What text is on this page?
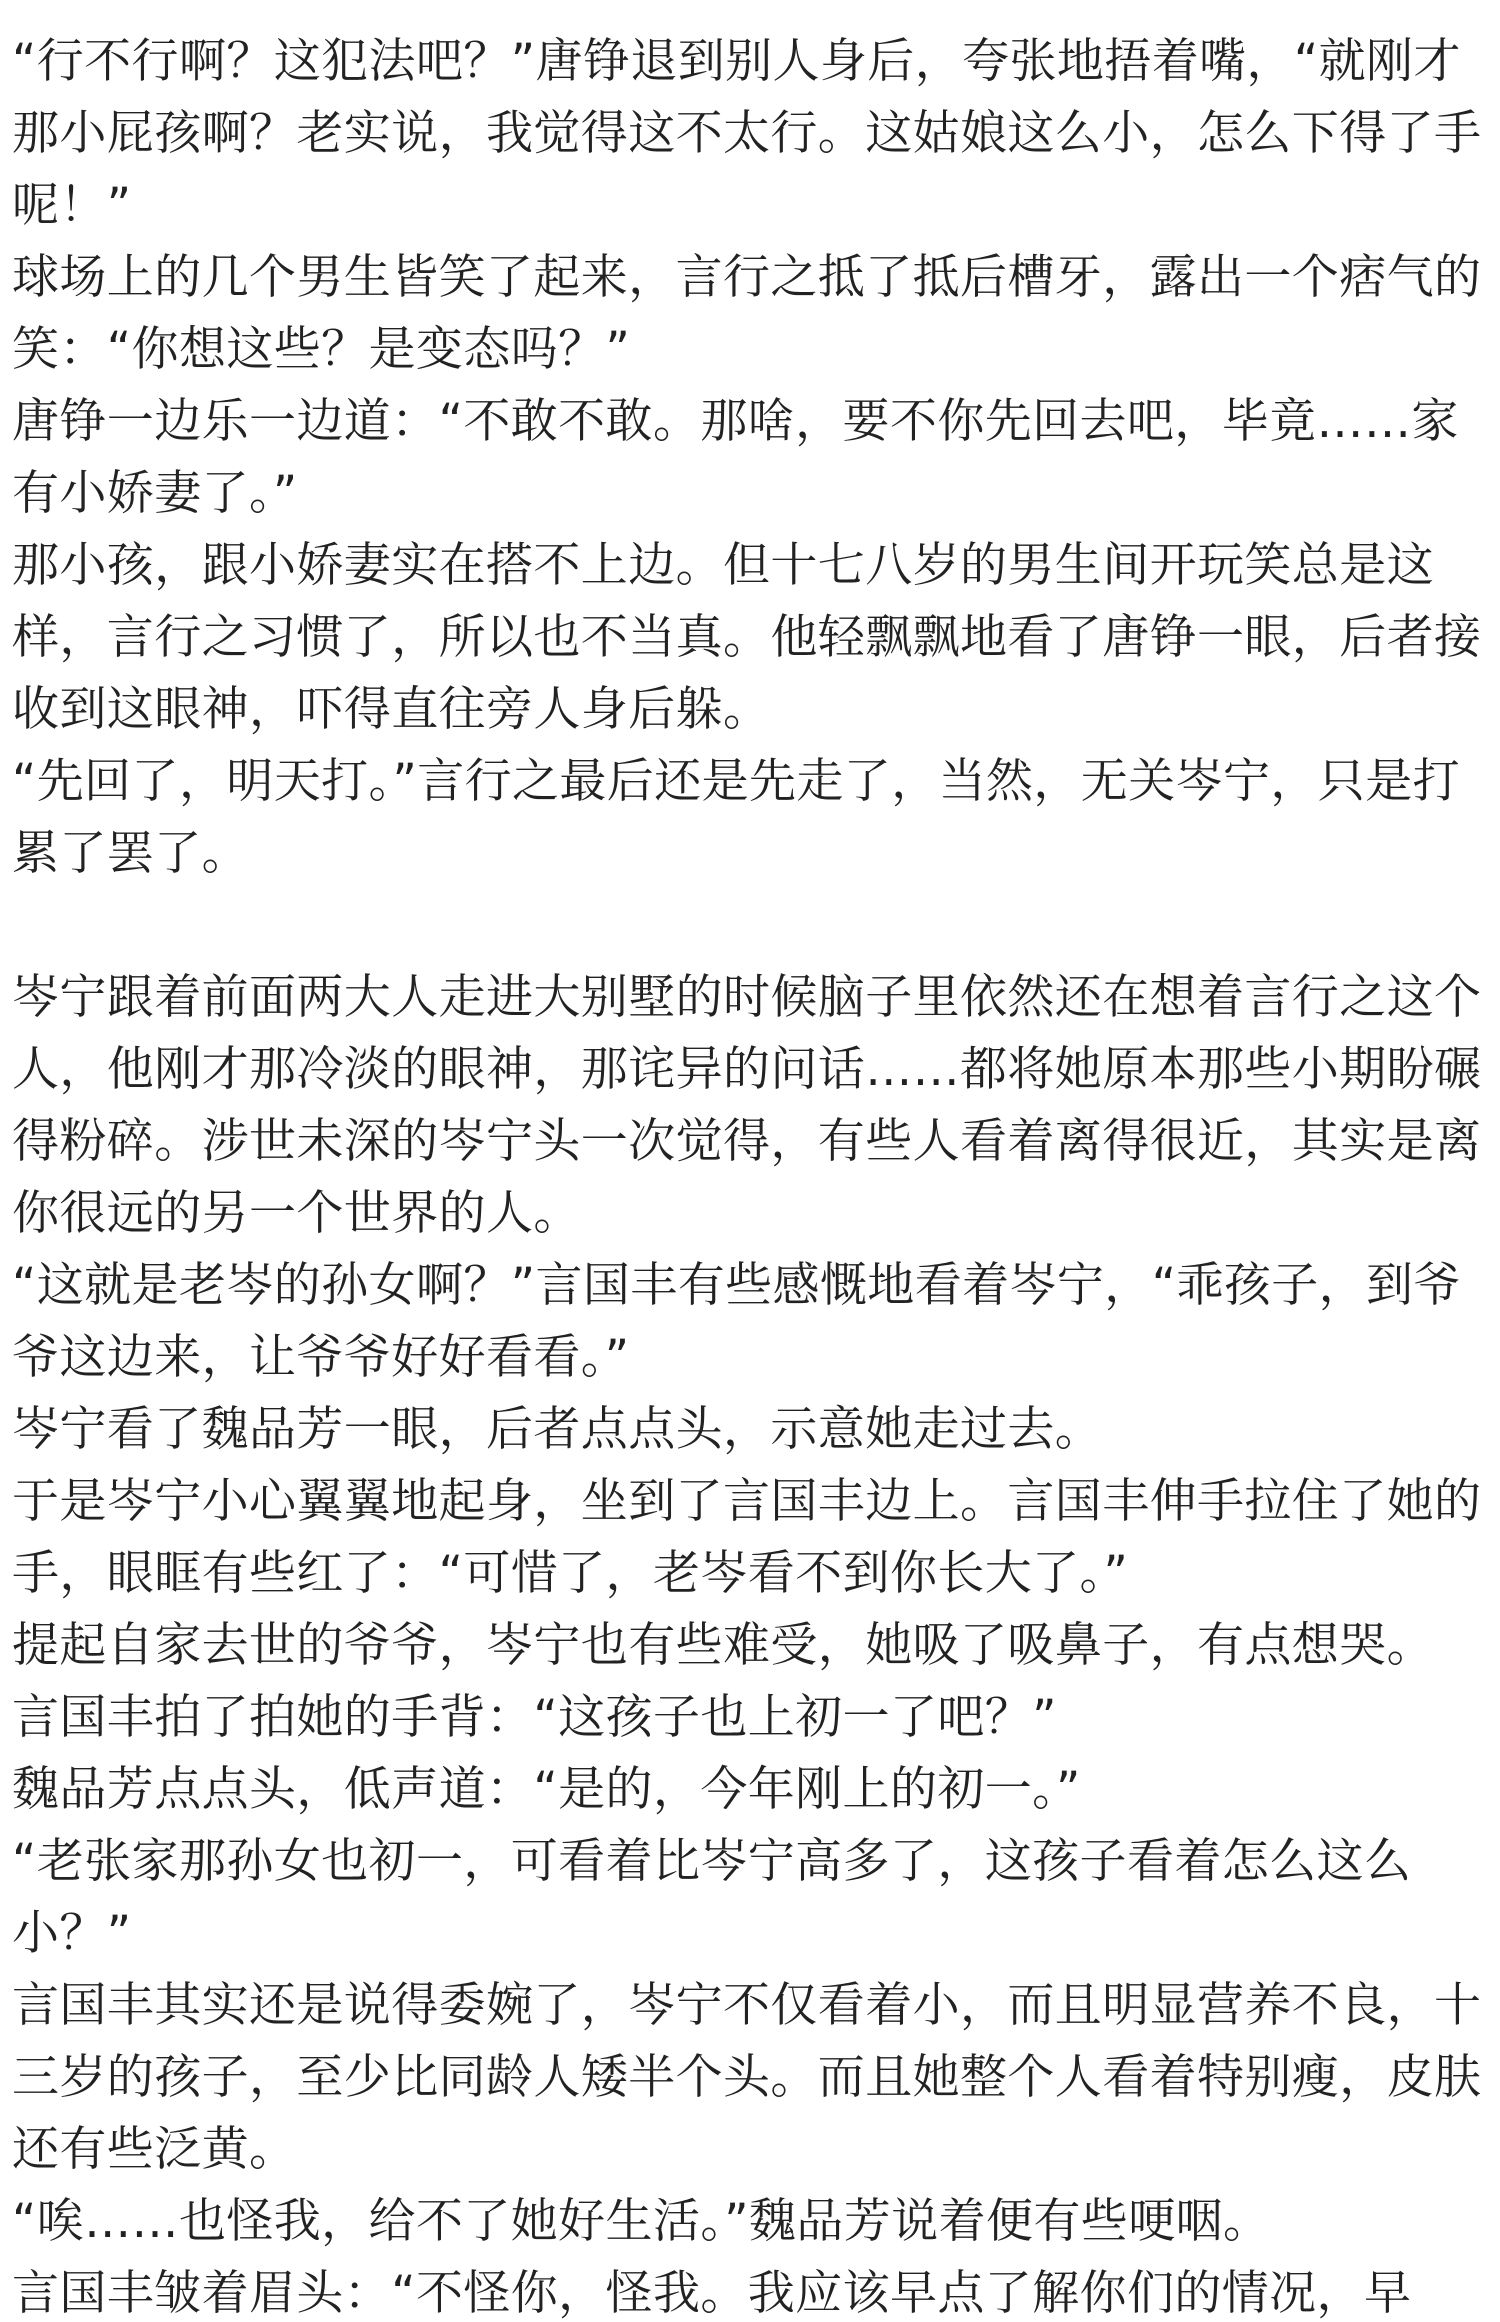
“行不行啊？这犯法吧？”唐铮退到别人身后，夸张地捂着嘴，“就刚才那小屁孩啊？老实说，我觉得这不太行。这姑娘这么小，怎么下得了手呢！”

球场上的几个男生皆笑了起来，言行之抵了抵后槽牙，露出一个痞气的笑：“你想这些？是变态吗？”

唐铮一边乐一边道：“不敢不敢。那啥，要不你先回去吧，毕竟……家有小娇妻了。”

那小孩，跟小娇妻实在搭不上边。但十七八岁的男生间开玩笑总是这样，言行之习惯了，所以也不当真。他轻飘飘地看了唐铮一眼，后者接收到这眼神，吓得直往旁人身后躲。

“先回了，明天打。”言行之最后还是先走了，当然，无关岑宁，只是打累了罢了。

岑宁跟着前面两大人走进大别墅的时候脑子里依然还在想着言行之这个人，他刚才那冷淡的眼神，那诧异的问话……都将她原本那些小期盼碾得粉碎。涉世未深的岑宁头一次觉得，有些人看着离得很近，其实是离你很远的另一个世界的人。

“这就是老岑的孙女啊？”言国丰有些感慨地看着岑宁，“乖孩子，到爷爷这边来，让爷爷好好看看。”

岑宁看了魏品芳一眼，后者点点头，示意她走过去。

于是岑宁小心翼翼地起身，坐到了言国丰边上。言国丰伸手拉住了她的手，眼眶有些红了：“可惜了，老岑看不到你长大了。”

提起自家去世的爷爷，岑宁也有些难受，她吸了吸鼻子，有点想哭。

言国丰拍了拍她的手背：“这孩子也上初一了吧？”

魏品芳点点头，低声道：“是的，今年刚上的初一。”

“老张家那孙女也初一，可看着比岑宁高多了，这孩子看着怎么这么小？”

言国丰其实还是说得委婉了，岑宁不仅看着小，而且明显营养不良，十三岁的孩子，至少比同龄人矮半个头。而且她整个人看着特别瘦，皮肤还有些泛黄。

“唉……也怪我，给不了她好生活。”魏品芳说着便有些哽咽。

言国丰皱着眉头：“不怪你，怪我。我应该早点了解你们的情况，早
